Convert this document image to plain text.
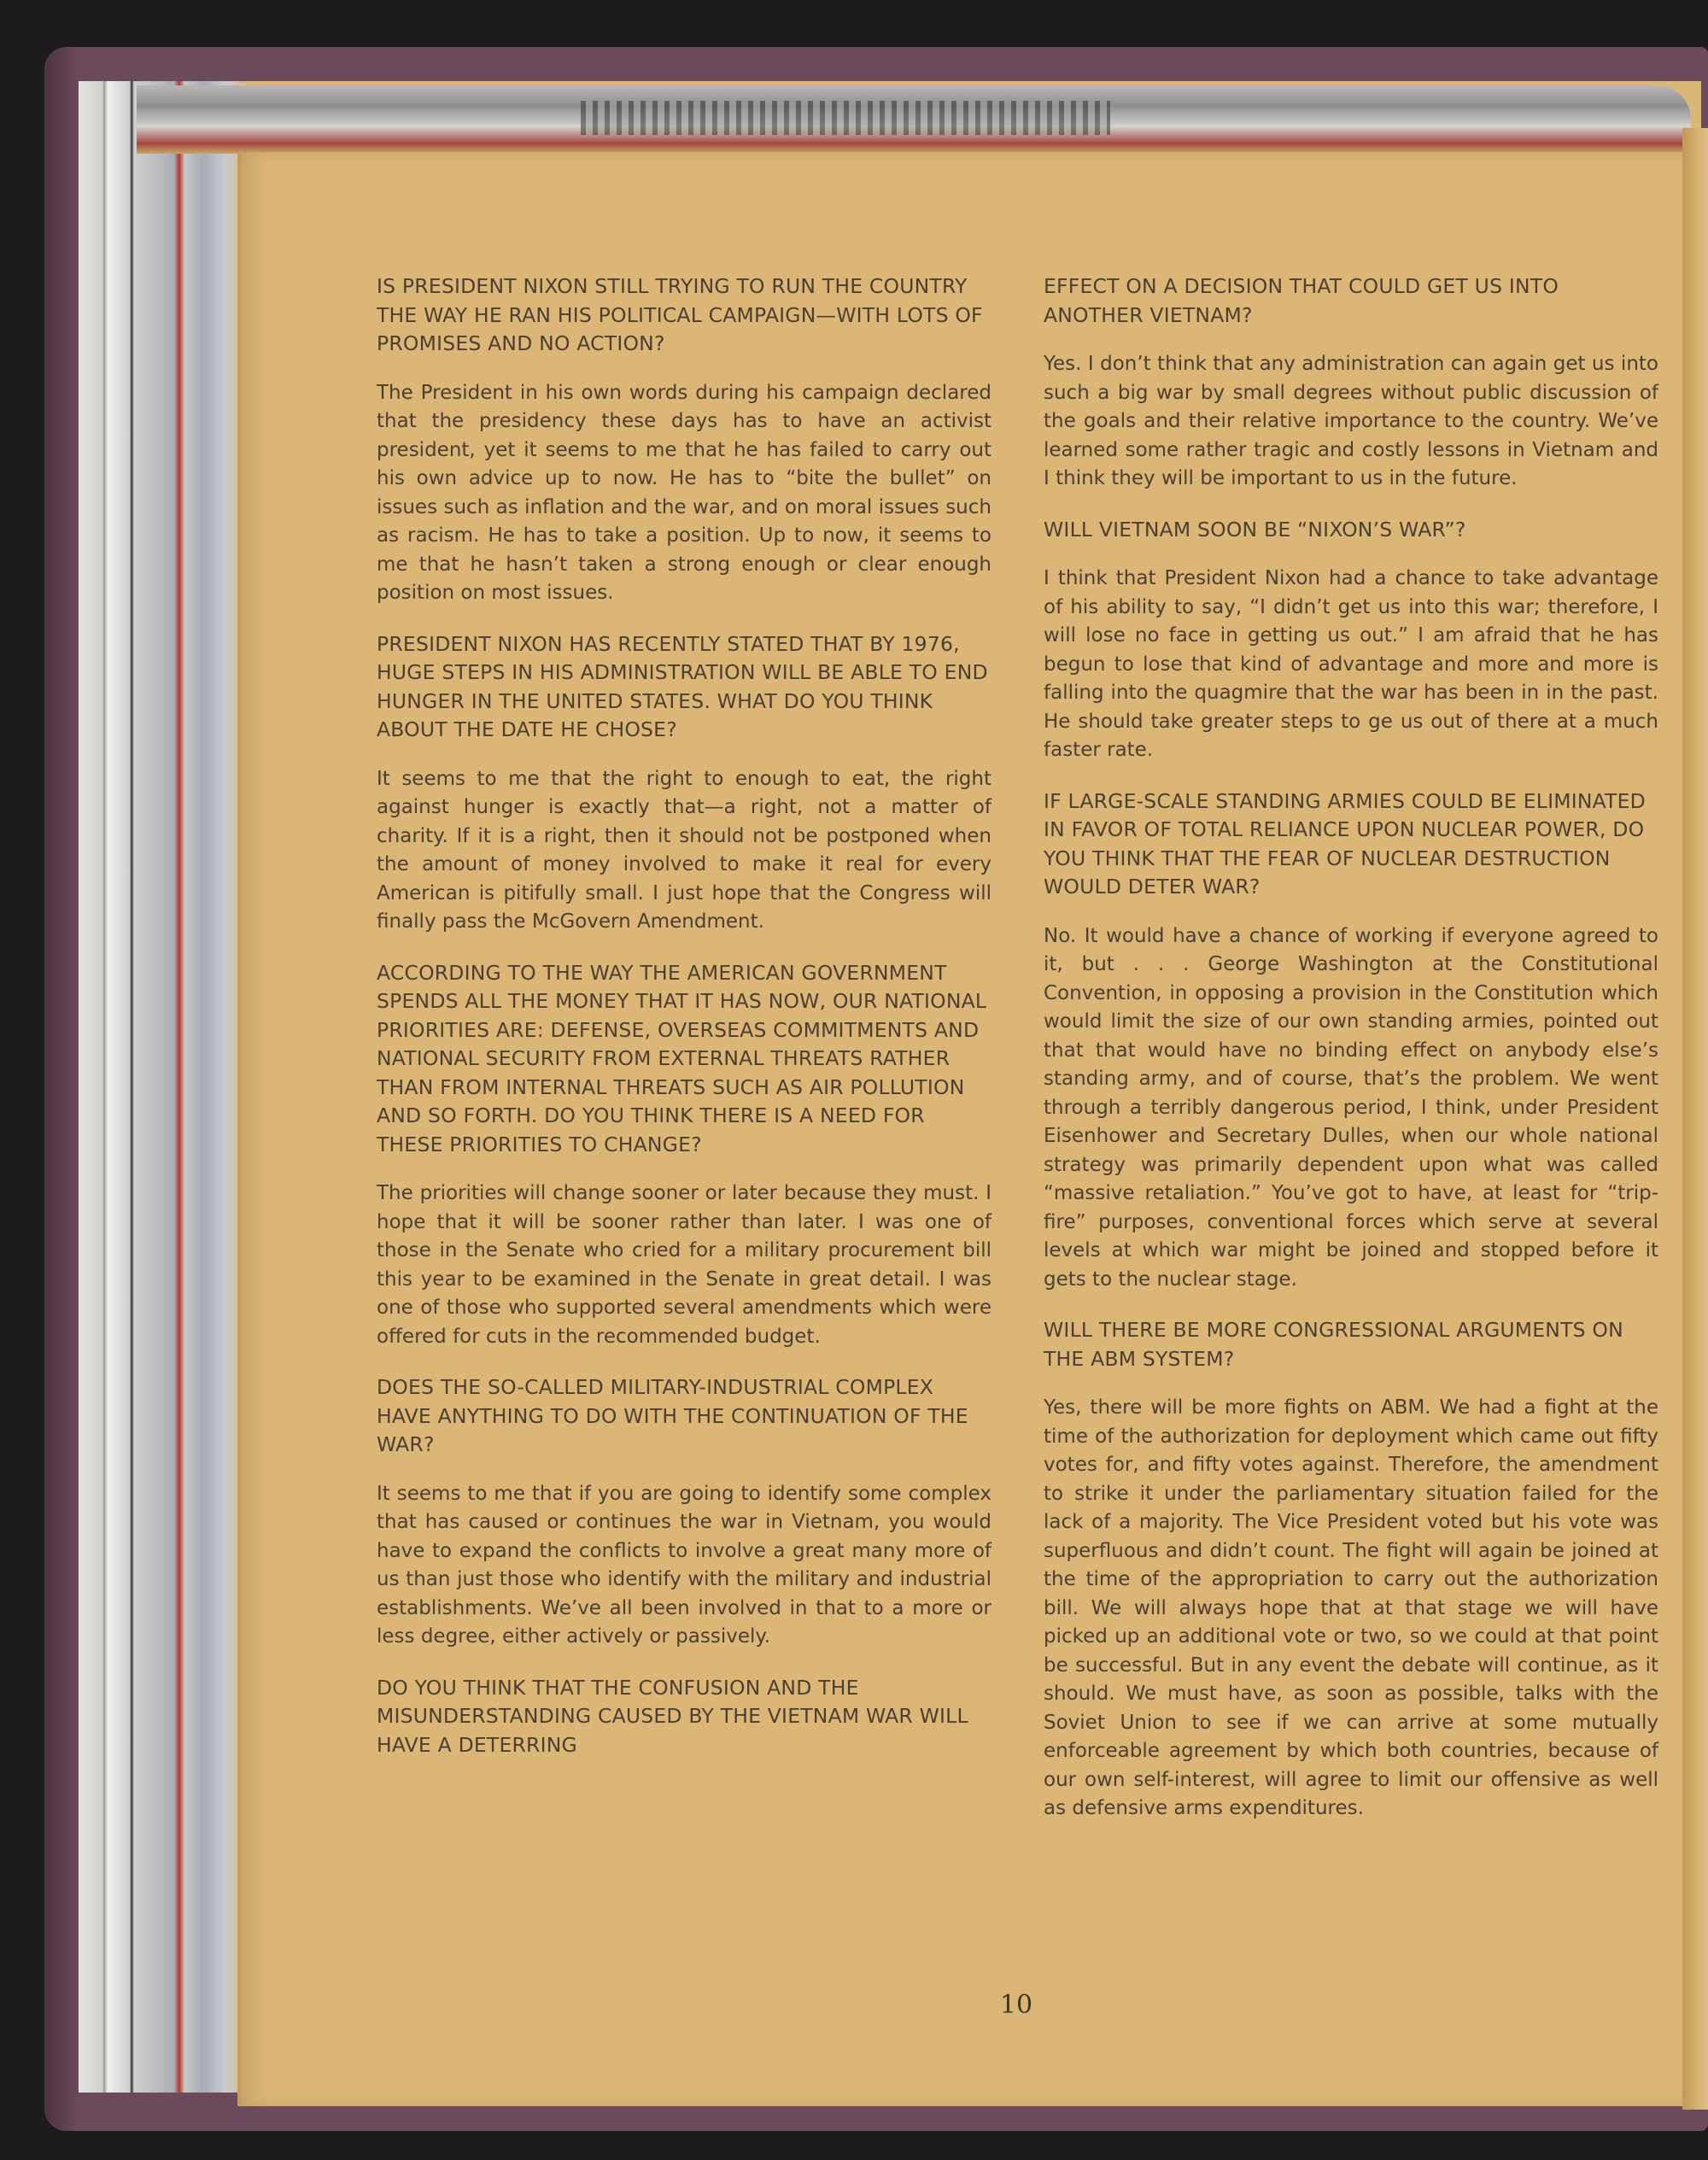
IS PRESIDENT NIXON STILL TRYING TO RUN THE COUNTRY THE WAY HE RAN HIS POLITICAL CAMPAIGN—WITH LOTS OF PROMISES AND NO ACTION?

The President in his own words during his campaign declared that the presidency these days has to have an activist president, yet it seems to me that he has failed to carry out his own advice up to now. He has to “bite the bullet” on issues such as inflation and the war, and on moral issues such as racism. He has to take a position. Up to now, it seems to me that he hasn’t taken a strong enough or clear enough position on most issues.

PRESIDENT NIXON HAS RECENTLY STATED THAT BY 1976, HUGE STEPS IN HIS ADMINISTRATION WILL BE ABLE TO END HUNGER IN THE UNITED STATES. WHAT DO YOU THINK ABOUT THE DATE HE CHOSE?

It seems to me that the right to enough to eat, the right against hunger is exactly that—a right, not a matter of charity. If it is a right, then it should not be postponed when the amount of money involved to make it real for every American is pitifully small. I just hope that the Congress will finally pass the McGovern Amendment.

ACCORDING TO THE WAY THE AMERICAN GOVERNMENT SPENDS ALL THE MONEY THAT IT HAS NOW, OUR NATIONAL PRIORITIES ARE: DEFENSE, OVERSEAS COMMITMENTS AND NATIONAL SECURITY FROM EXTERNAL THREATS RATHER THAN FROM INTERNAL THREATS SUCH AS AIR POLLUTION AND SO FORTH. DO YOU THINK THERE IS A NEED FOR THESE PRIORITIES TO CHANGE?

The priorities will change sooner or later because they must. I hope that it will be sooner rather than later. I was one of those in the Senate who cried for a military procurement bill this year to be examined in the Senate in great detail. I was one of those who supported several amendments which were offered for cuts in the recommended budget.

DOES THE SO-CALLED MILITARY-INDUSTRIAL COMPLEX HAVE ANYTHING TO DO WITH THE CONTINUATION OF THE WAR?

It seems to me that if you are going to identify some complex that has caused or continues the war in Vietnam, you would have to expand the conflicts to involve a great many more of us than just those who identify with the military and industrial establishments. We’ve all been involved in that to a more or less degree, either actively or passively.

DO YOU THINK THAT THE CONFUSION AND THE MISUNDERSTANDING CAUSED BY THE VIETNAM WAR WILL HAVE A DETERRING

EFFECT ON A DECISION THAT COULD GET US INTO ANOTHER VIETNAM?

Yes. I don’t think that any administration can again get us into such a big war by small degrees without public discussion of the goals and their relative importance to the country. We’ve learned some rather tragic and costly lessons in Vietnam and I think they will be important to us in the future.

WILL VIETNAM SOON BE “NIXON’S WAR”?

I think that President Nixon had a chance to take advantage of his ability to say, “I didn’t get us into this war; therefore, I will lose no face in getting us out.” I am afraid that he has begun to lose that kind of advantage and more and more is falling into the quagmire that the war has been in in the past. He should take greater steps to ge us out of there at a much faster rate.

IF LARGE-SCALE STANDING ARMIES COULD BE ELIMINATED IN FAVOR OF TOTAL RELIANCE UPON NUCLEAR POWER, DO YOU THINK THAT THE FEAR OF NUCLEAR DESTRUCTION WOULD DETER WAR?

No. It would have a chance of working if everyone agreed to it, but . . . George Washington at the Constitutional Convention, in opposing a provision in the Constitution which would limit the size of our own standing armies, pointed out that that would have no binding effect on anybody else’s standing army, and of course, that’s the problem. We went through a terribly dangerous period, I think, under President Eisenhower and Secretary Dulles, when our whole national strategy was primarily dependent upon what was called “massive retaliation.” You’ve got to have, at least for “trip-fire” purposes, conventional forces which serve at several levels at which war might be joined and stopped before it gets to the nuclear stage.

WILL THERE BE MORE CONGRESSIONAL ARGUMENTS ON THE ABM SYSTEM?

Yes, there will be more fights on ABM. We had a fight at the time of the authorization for deployment which came out fifty votes for, and fifty votes against. Therefore, the amendment to strike it under the parliamentary situation failed for the lack of a majority. The Vice President voted but his vote was superfluous and didn’t count. The fight will again be joined at the time of the appropriation to carry out the authorization bill. We will always hope that at that stage we will have picked up an additional vote or two, so we could at that point be successful. But in any event the debate will continue, as it should. We must have, as soon as possible, talks with the Soviet Union to see if we can arrive at some mutually enforceable agreement by which both countries, because of our own self-interest, will agree to limit our offensive as well as defensive arms expenditures.

10
